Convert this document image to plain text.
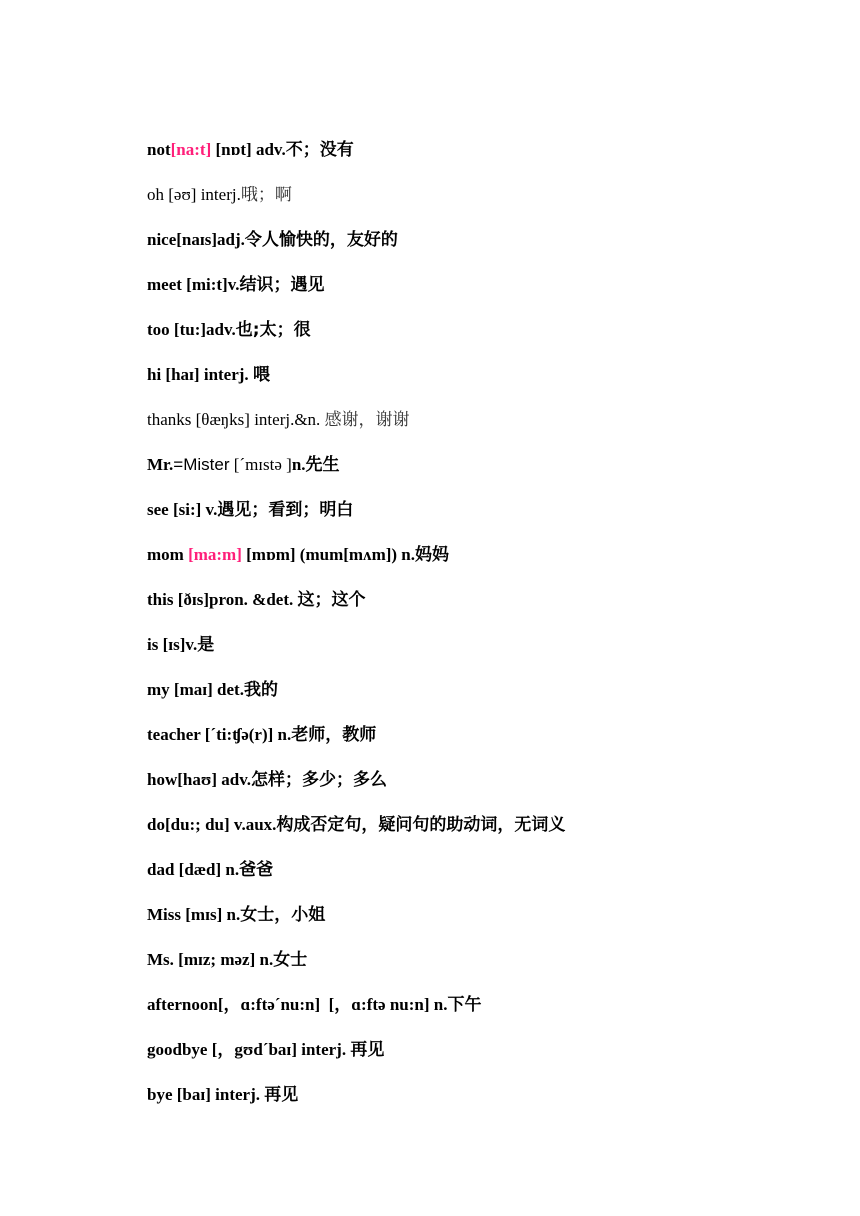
not[na:t] [nɒt] adv.不；没有

oh [əʊ] interj.哦；啊

nice[naɪs]adj.令人愉快的，友好的

meet [mi:t]v.结识；遇见

too [tu:]adv.也;太；很

hi [haɪ] interj. 喂

thanks [θæŋks] interj.&n. 感谢，谢谢

Mr.=Mister [ˊmɪstə ]n.先生

see [si:] v.遇见；看到；明白

mom [ma:m] [mɒm] (mum[mʌm]) n.妈妈

this [ðɪs]pron. &det. 这；这个

is [ɪs]v.是

my [maɪ] det.我的

teacher [ˊti:ʧə(r)] n.老师，教师

how[haʊ] adv.怎样；多少；多么

do[du:; du] v.aux.构成否定句，疑问句的助动词，无词义

dad [dæd] n.爸爸

Miss [mɪs] n.女士，小姐

Ms. [mɪz; məz] n.女士

afternoon[，ɑ:ftəˊnu:n]  [，ɑ:ftə nu:n] n.下午

goodbye [，gʊdˊbaɪ] interj. 再见

bye [baɪ] interj. 再见
